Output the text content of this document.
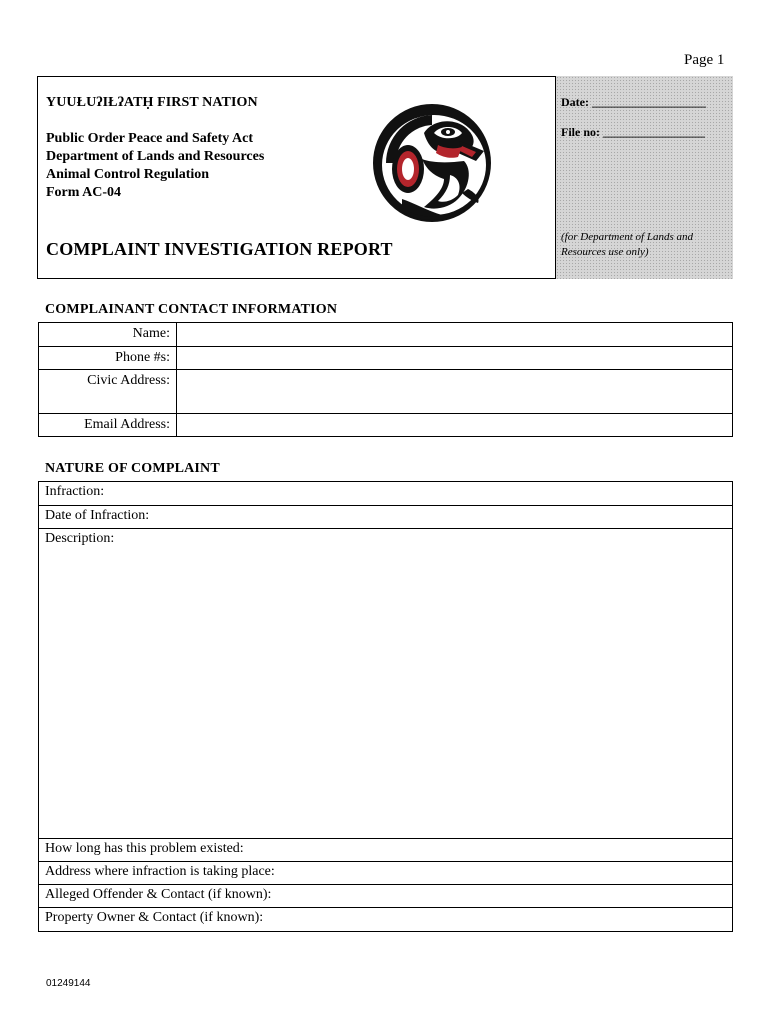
Page 1
YUUŁUʔIŁʔATḤ FIRST NATION
Public Order Peace and Safety Act
Department of Lands and Resources
Animal Control Regulation
Form AC-04
COMPLAINT INVESTIGATION REPORT
Date: ___________________
File no: _________________
(for Department of Lands and Resources use only)
COMPLAINANT CONTACT INFORMATION
Name:	
Phone #s:	
Civic Address:	
Email Address:	
NATURE OF COMPLAINT
Infraction:
Date of Infraction:
Description:
How long has this problem existed:
Address where infraction is taking place:
Alleged Offender & Contact (if known):
Property Owner & Contact (if known):
01249144
